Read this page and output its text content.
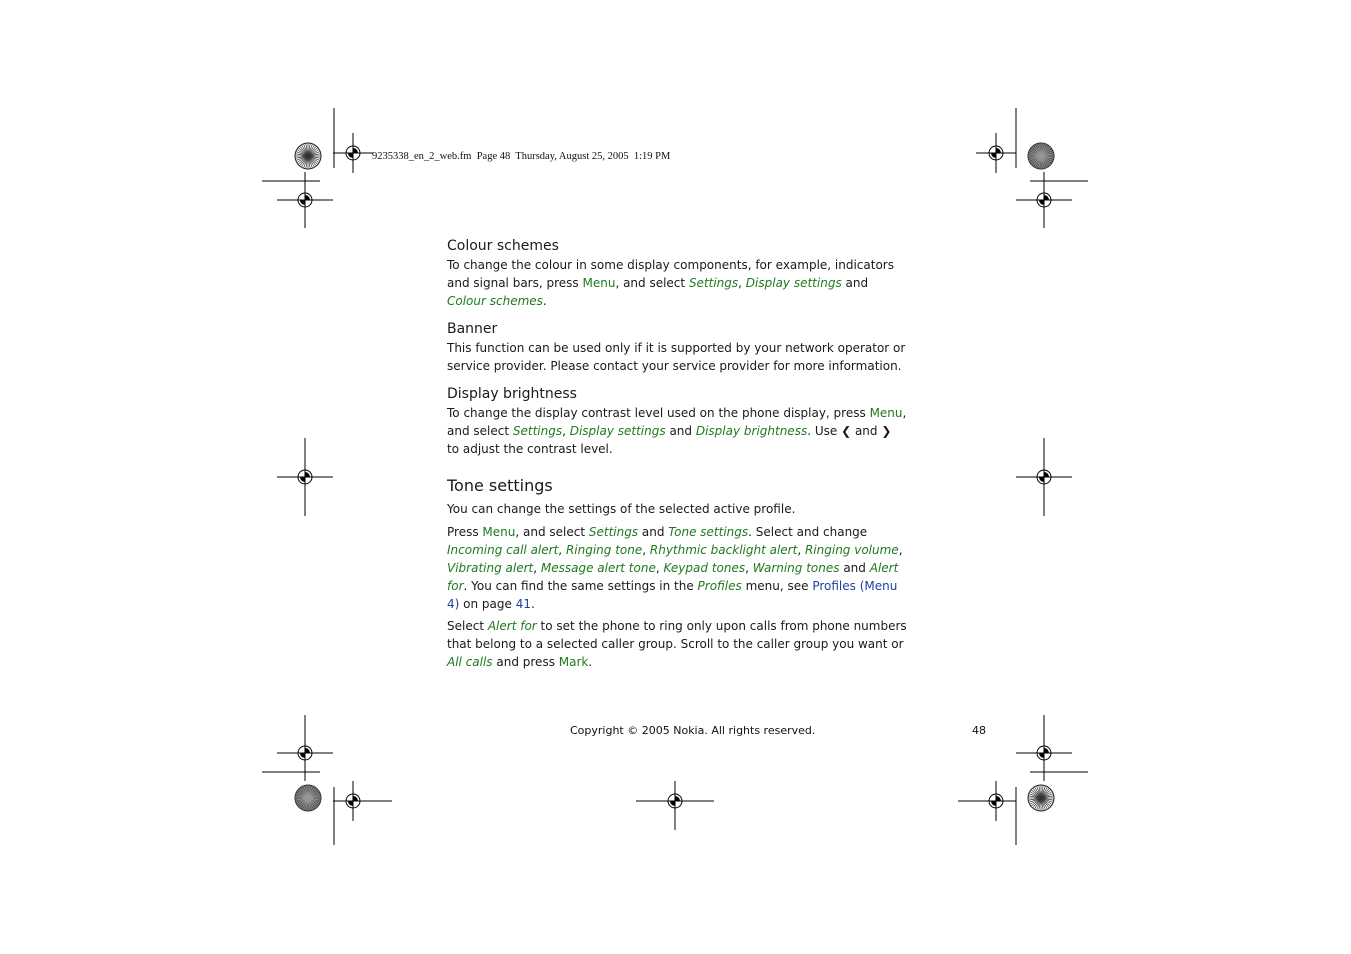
9235338_en_2_web.fm  Page 48  Thursday, August 25, 2005  1:19 PM
Colour schemes

To change the colour in some display components, for example, indicators and signal bars, press Menu, and select Settings, Display settings and Colour schemes.

Banner

This function can be used only if it is supported by your network operator or service provider. Please contact your service provider for more information.

Display brightness

To change the display contrast level used on the phone display, press Menu, and select Settings, Display settings and Display brightness. Use ❮ and ❯ to adjust the contrast level.

Tone settings

You can change the settings of the selected active profile.

Press Menu, and select Settings and Tone settings. Select and change Incoming call alert, Ringing tone, Rhythmic backlight alert, Ringing volume, Vibrating alert, Message alert tone, Keypad tones, Warning tones and Alert for. You can find the same settings in the Profiles menu, see Profiles (Menu 4) on page 41.

Select Alert for to set the phone to ring only upon calls from phone numbers that belong to a selected caller group. Scroll to the caller group you want or All calls and press Mark.

Copyright © 2005 Nokia. All rights reserved.	48
